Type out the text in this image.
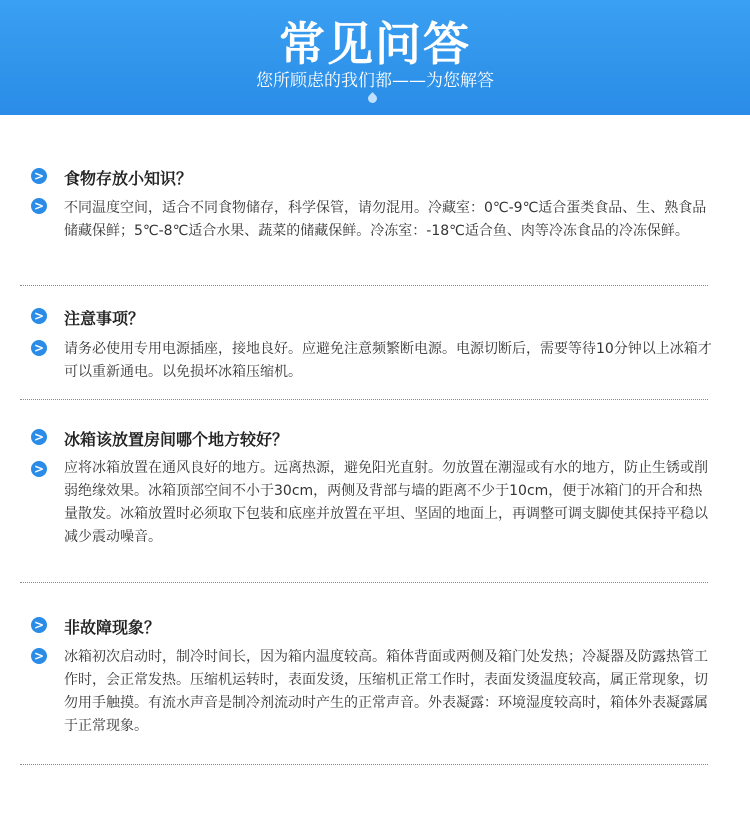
常见问答
您所顾虑的我们都——为您解答
> 食物存放小知识？
> 不同温度空间，适合不同食物储存，科学保管，请勿混用。冷藏室：0℃-9℃适合蛋类食品、生、熟食品储藏保鲜；5℃-8℃适合水果、蔬菜的储藏保鲜。冷冻室：-18℃适合鱼、肉等冷冻食品的冷冻保鲜。
> 注意事项？
> 请务必使用专用电源插座，接地良好。应避免注意频繁断电源。电源切断后，需要等待10分钟以上冰箱才可以重新通电。以免损坏冰箱压缩机。
> 冰箱该放置房间哪个地方较好？
> 应将冰箱放置在通风良好的地方。远离热源，避免阳光直射。勿放置在潮湿或有水的地方，防止生锈或削弱绝缘效果。冰箱顶部空间不小于30cm，两侧及背部与墙的距离不少于10cm，便于冰箱门的开合和热量散发。冰箱放置时必须取下包装和底座并放置在平坦、坚固的地面上，再调整可调支脚使其保持平稳以减少震动噪音。
> 非故障现象？
> 冰箱初次启动时，制冷时间长，因为箱内温度较高。箱体背面或两侧及箱门处发热；冷凝器及防露热管工作时，会正常发热。压缩机运转时，表面发烫，压缩机正常工作时，表面发烫温度较高，属正常现象，切勿用手触摸。有流水声音是制冷剂流动时产生的正常声音。外表凝露：环境湿度较高时，箱体外表凝露属于正常现象。
